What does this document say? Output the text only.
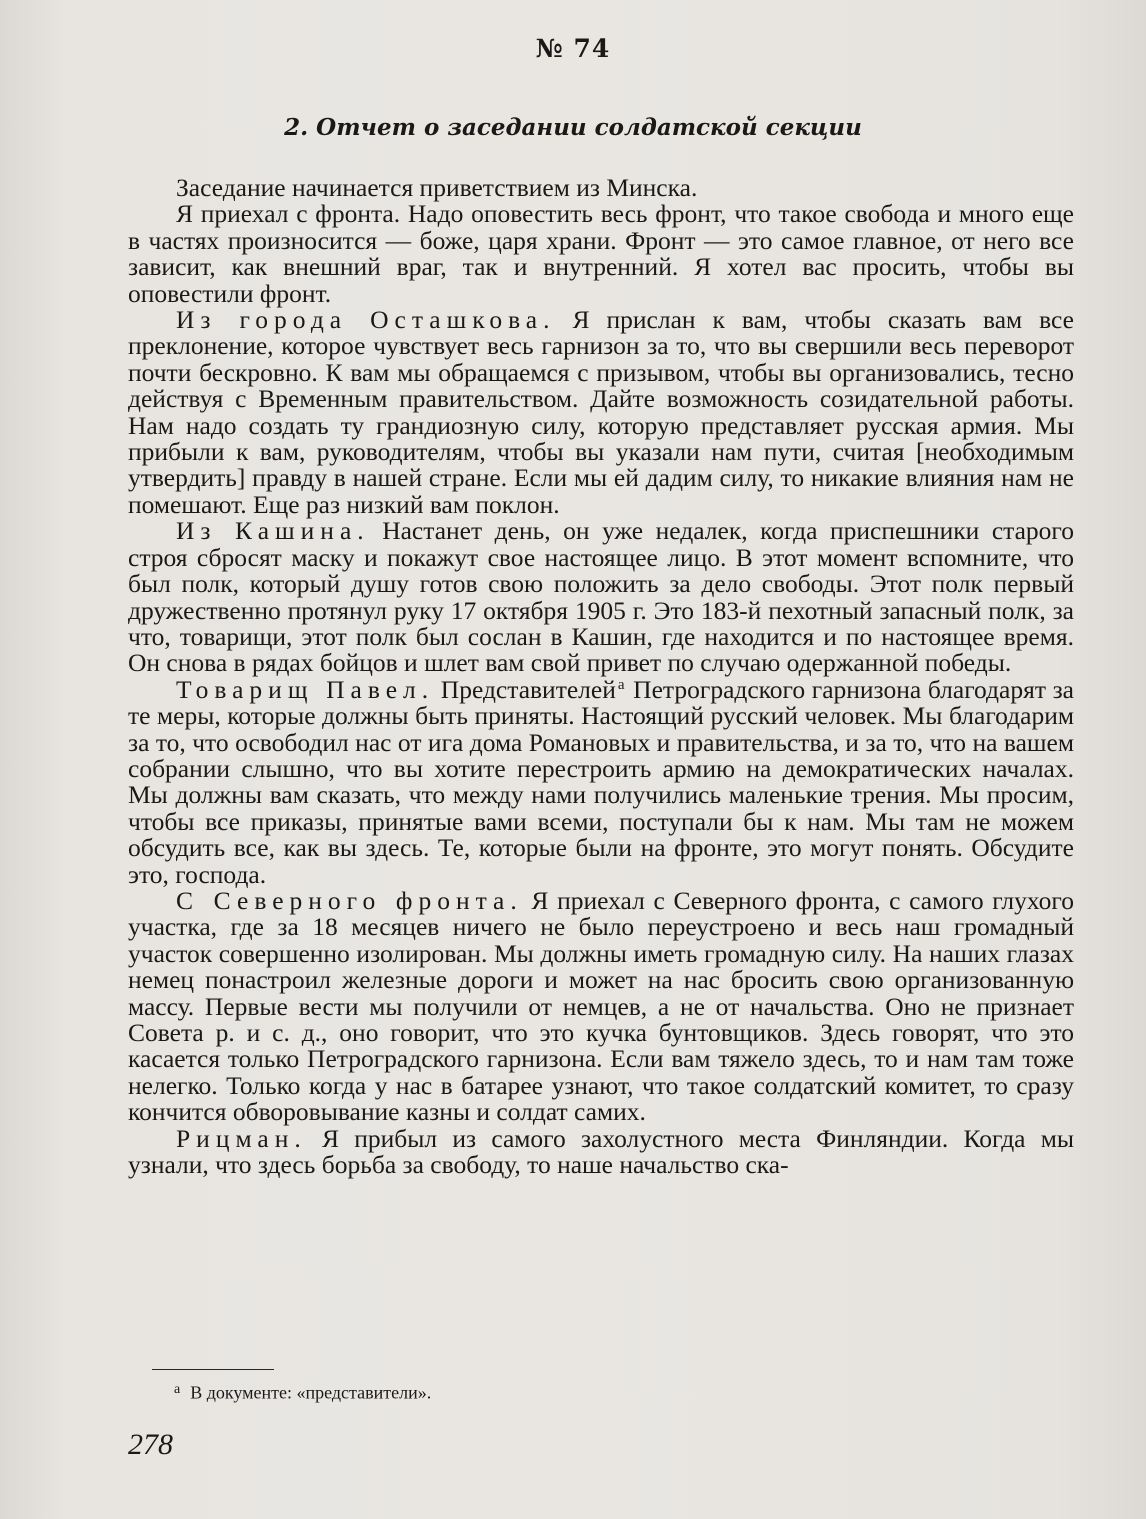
№ 74
2. Отчет о заседании солдатской секции

Заседание начинается приветствием из Минска.

Я приехал с фронта. Надо оповестить весь фронт, что такое свобода и много еще в частях произносится — боже, царя храни. Фронт — это самое главное, от него все зависит, как внешний враг, так и внутренний. Я хотел вас просить, чтобы вы оповестили фронт.

Из города Осташкова. Я прислан к вам, чтобы сказать вам все преклонение, которое чувствует весь гарнизон за то, что вы свершили весь переворот почти бескровно. К вам мы обращаемся с призывом, чтобы вы организовались, тесно действуя с Временным правительством. Дайте возможность созидательной работы. Нам надо создать ту грандиозную силу, которую представляет русская армия. Мы прибыли к вам, руководителям, чтобы вы указали нам пути, считая [необходимым утвердить] правду в нашей стране. Если мы ей дадим силу, то никакие влияния нам не помешают. Еще раз низкий вам поклон.

Из Кашина. Настанет день, он уже недалек, когда приспешники старого строя сбросят маску и покажут свое настоящее лицо. В этот момент вспомните, что был полк, который душу готов свою положить за дело свободы. Этот полк первый дружественно протянул руку 17 октября 1905 г. Это 183-й пехотный запасный полк, за что, товарищи, этот полк был сослан в Кашин, где находится и по настоящее время. Он снова в рядах бойцов и шлет вам свой привет по случаю одержанной победы.

Товарищ Павел. Представителей $^а$ Петроградского гарнизона благодарят за те меры, которые должны быть приняты. Настоящий русский человек. Мы благодарим за то, что освободил нас от ига дома Романовых и правительства, и за то, что на вашем собрании слышно, что вы хотите перестроить армию на демократических началах. Мы должны вам сказать, что между нами получились маленькие трения. Мы просим, чтобы все приказы, принятые вами всеми, поступали бы к нам. Мы там не можем обсудить все, как вы здесь. Те, которые были на фронте, это могут понять. Обсудите это, господа.

С Северного фронта. Я приехал с Северного фронта, с самого глухого участка, где за 18 месяцев ничего не было переустроено и весь наш громадный участок совершенно изолирован. Мы должны иметь громадную силу. На наших глазах немец понастроил железные дороги и может на нас бросить свою организованную массу. Первые вести мы получили от немцев, а не от начальства. Оно не признает Совета р. и с. д., оно говорит, что это кучка бунтовщиков. Здесь говорят, что это касается только Петроградского гарнизона. Если вам тяжело здесь, то и нам там тоже нелегко. Только когда у нас в батарее узнают, что такое солдатский комитет, то сразу кончится обворовывание казны и солдат самих.

Рицман. Я прибыл из самого захолустного места Финляндии. Когда мы узнали, что здесь борьба за свободу, то наше начальство ска-

$^а$ В документе: «представители».

278
